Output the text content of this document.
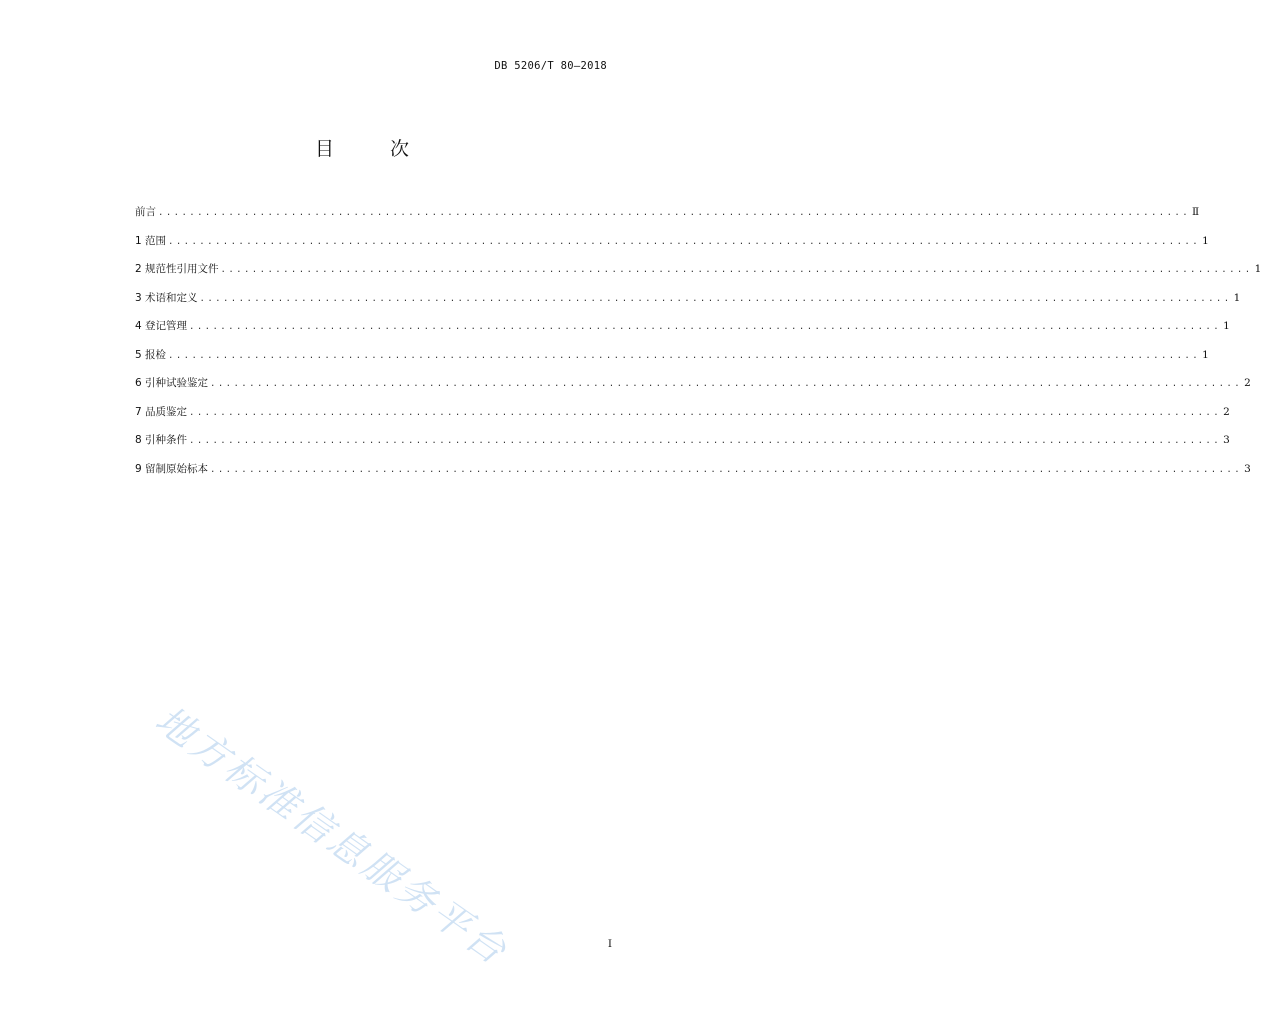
DB 5206/T 80—2018
目	次
前言 .................................................................................................................................... Ⅱ
1 范围 .................................................................................................................................... 1
2 规范性引用文件 .................................................................................................................................... 1
3 术语和定义 .................................................................................................................................... 1
4 登记管理 .................................................................................................................................... 1
5 报检 .................................................................................................................................... 1
6 引种试验鉴定 .................................................................................................................................... 2
7 品质鉴定 .................................................................................................................................... 2
8 引种条件 .................................................................................................................................... 3
9 留制原始标本 .................................................................................................................................... 3
地方标准信息服务平台	I
